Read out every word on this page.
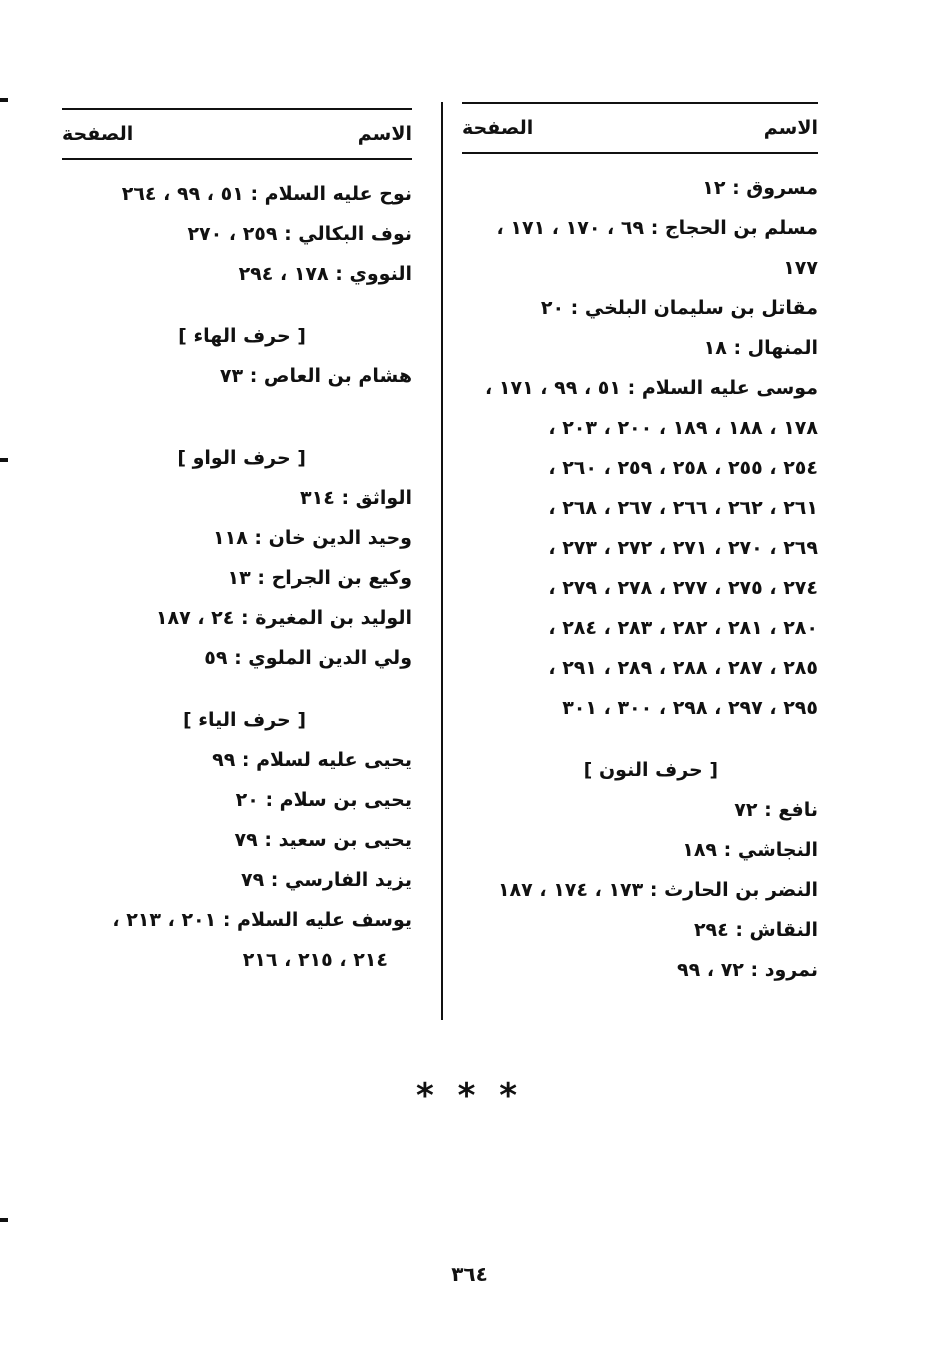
الاسم
الصفحة
مسروق : ١٢
مسلم بن الحجاج : ٦٩ ، ١٧٠ ، ١٧١ ،
١٧٧
مقاتل بن سليمان البلخي : ٢٠
المنهال : ١٨
موسى عليه السلام : ٥١ ، ٩٩ ، ١٧١ ،
١٧٨ ، ١٨٨ ، ١٨٩ ، ٢٠٠ ، ٢٠٣ ،
٢٥٤ ، ٢٥٥ ، ٢٥٨ ، ٢٥٩ ، ٢٦٠ ،
٢٦١ ، ٢٦٢ ، ٢٦٦ ، ٢٦٧ ، ٢٦٨ ،
٢٦٩ ، ٢٧٠ ، ٢٧١ ، ٢٧٢ ، ٢٧٣ ،
٢٧٤ ، ٢٧٥ ، ٢٧٧ ، ٢٧٨ ، ٢٧٩ ،
٢٨٠ ، ٢٨١ ، ٢٨٢ ، ٢٨٣ ، ٢٨٤ ،
٢٨٥ ، ٢٨٧ ، ٢٨٨ ، ٢٨٩ ، ٢٩١ ،
٢٩٥ ، ٢٩٧ ، ٢٩٨ ، ٣٠٠ ، ٣٠١
[ حرف النون ]
نافع : ٧٢
النجاشي : ١٨٩
النضر بن الحارث : ١٧٣ ، ١٧٤ ، ١٨٧
النقاش : ٢٩٤
نمرود : ٧٢ ، ٩٩
الاسم
الصفحة
نوح عليه السلام : ٥١ ، ٩٩ ، ٢٦٤
نوف البكالي : ٢٥٩ ، ٢٧٠
النووي : ١٧٨ ، ٢٩٤
[ حرف الهاء ]
هشام بن العاص : ٧٣
[ حرف الواو ]
الواثق : ٣١٤
وحيد الدين خان : ١١٨
وكيع بن الجراح : ١٣
الوليد بن المغيرة : ٢٤ ، ١٨٧
ولي الدين الملوي : ٥٩
[ حرف الياء ]
يحيى عليه لسلام : ٩٩
يحيى بن سلام : ٢٠
يحيى بن سعيد : ٧٩
يزيد الفارسي : ٧٩
يوسف عليه السلام : ٢٠١ ، ٢١٣ ،
٢١٤ ، ٢١٥ ، ٢١٦
* * *
٣٦٤
